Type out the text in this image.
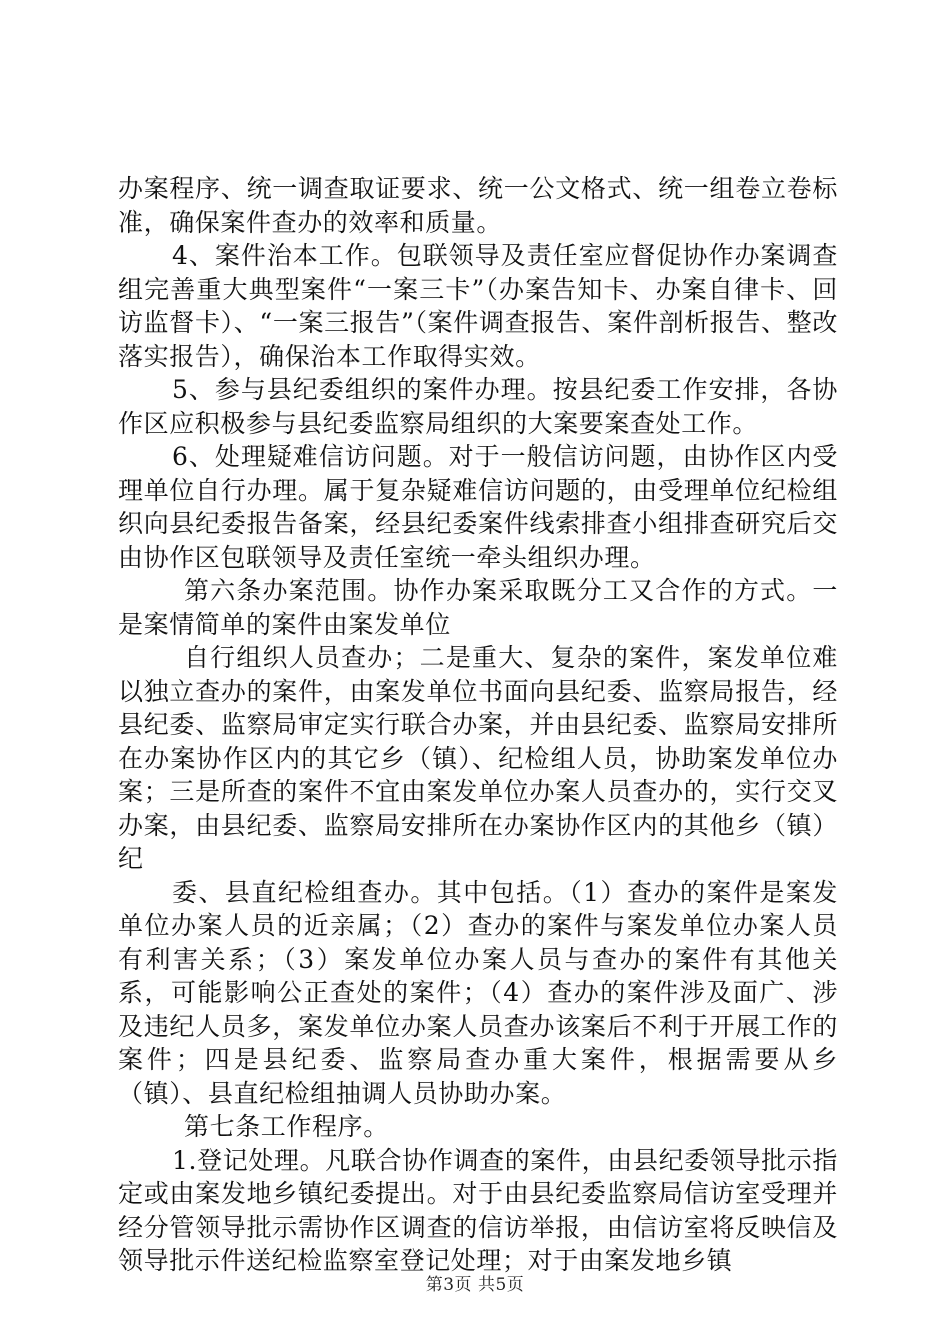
办案程序、统一调查取证要求、统一公文格式、统一组卷立卷标准，确保案件查办的效率和质量。

4、案件治本工作。包联领导及责任室应督促协作办案调查组完善重大典型案件“一案三卡”（办案告知卡、办案自律卡、回访监督卡）、“一案三报告”（案件调查报告、案件剖析报告、整改落实报告），确保治本工作取得实效。

5、参与县纪委组织的案件办理。按县纪委工作安排，各协作区应积极参与县纪委监察局组织的大案要案查处工作。

6、处理疑难信访问题。对于一般信访问题，由协作区内受理单位自行办理。属于复杂疑难信访问题的，由受理单位纪检组织向县纪委报告备案，经县纪委案件线索排查小组排查研究后交由协作区包联领导及责任室统一牵头组织办理。

第六条办案范围。协作办案采取既分工又合作的方式。一是案情简单的案件由案发单位

自行组织人员查办；二是重大、复杂的案件，案发单位难以独立查办的案件，由案发单位书面向县纪委、监察局报告，经县纪委、监察局审定实行联合办案，并由县纪委、监察局安排所在办案协作区内的其它乡（镇）、纪检组人员，协助案发单位办案；三是所查的案件不宜由案发单位办案人员查办的，实行交叉办案，由县纪委、监察局安排所在办案协作区内的其他乡（镇）纪

委、县直纪检组查办。其中包括。（1）查办的案件是案发单位办案人员的近亲属；（2）查办的案件与案发单位办案人员有利害关系；（3）案发单位办案人员与查办的案件有其他关系，可能影响公正查处的案件；（4）查办的案件涉及面广、涉及违纪人员多，案发单位办案人员查办该案后不利于开展工作的案件；四是县纪委、监察局查办重大案件，根据需要从乡（镇）、县直纪检组抽调人员协助办案。

第七条工作程序。

1.登记处理。凡联合协作调查的案件，由县纪委领导批示指定或由案发地乡镇纪委提出。对于由县纪委监察局信访室受理并经分管领导批示需协作区调查的信访举报，由信访室将反映信及领导批示件送纪检监察室登记处理；对于由案发地乡镇

第3页 共5页
